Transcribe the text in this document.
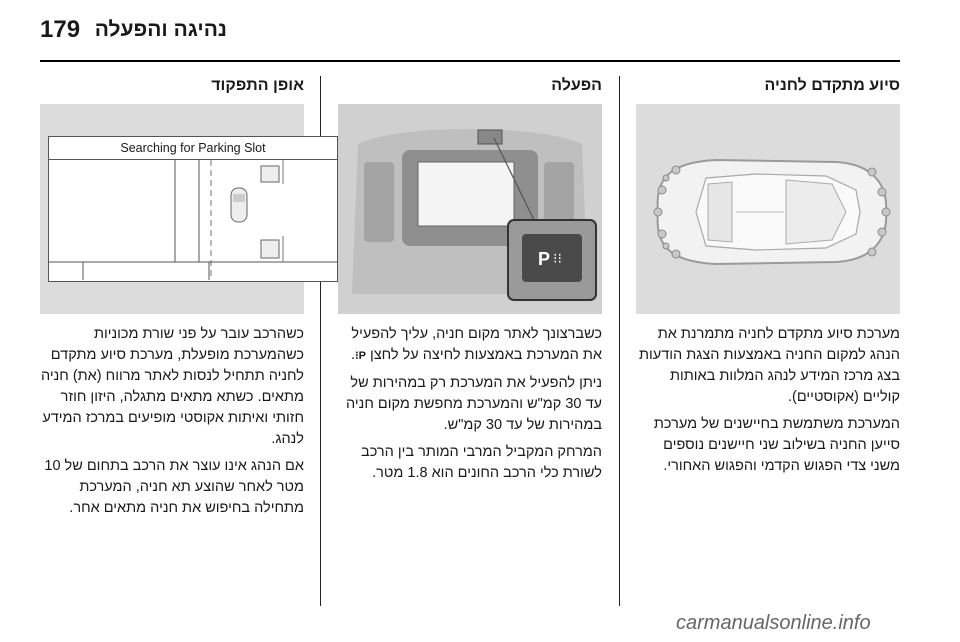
179 נהיגה והפעלה
סיוע מתקדם לחניה

מערכת סיוע מתקדם לחניה מתמרנת את הנהג למקום החניה באמצעות הצגת הודעות בצג מרכז המידע לנהג המלוות באותות קוליים (אקוסטיים).

המערכת משתמשת בחיישנים של מערכת סייען החניה בשילוב שני חיישנים נוספים משני צדי הפגוש הקדמי והפגוש האחורי.

הפעלה
P ⁝⁝

כשברצונך לאתר מקום חניה, עליך להפעיל את המערכת באמצעות לחיצה על לחצן P⁝.

ניתן להפעיל את המערכת רק במהירות של עד 30 קמ"ש והמערכת מחפשת מקום חניה במהירות של עד 30 קמ"ש.

המרחק המקביל המרבי המותר בין הרכב לשורת כלי הרכב החונים הוא 1.8 מטר.

אופן התפקוד
Searching for Parking Slot

כשהרכב עובר על פני שורת מכוניות כשהמערכת מופעלת, מערכת סיוע מתקדם לחניה תתחיל לנסות לאתר מרווח (את) חניה מתאים. כשתא מתאים מתגלה, היזון חוזר חזותי ואיתות אקוסטי מופיעים במרכז המידע לנהג.

אם הנהג אינו עוצר את הרכב בתחום של 10 מטר לאחר שהוצע תא חניה, המערכת מתחילה בחיפוש את חניה מתאים אחר.

carmanualsonline.info
